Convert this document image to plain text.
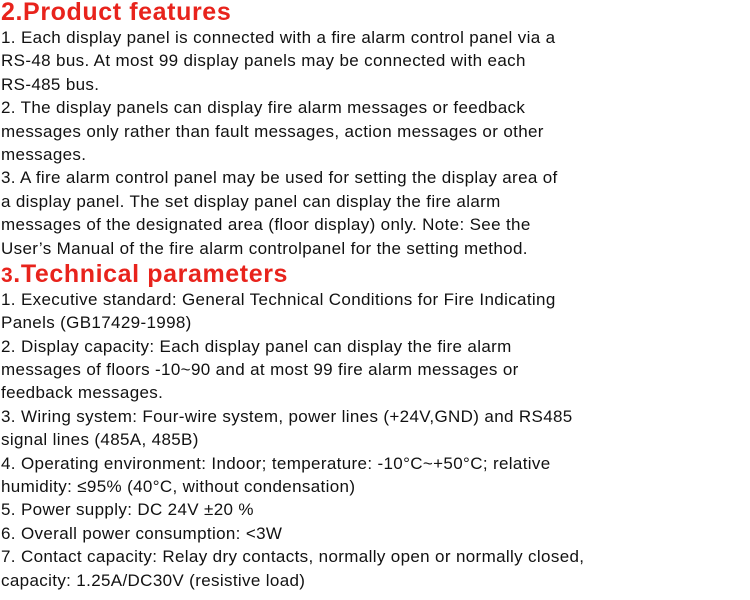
2.Product features

1. Each display panel is connected with a fire alarm control panel via a

RS-48 bus. At most 99 display panels may be connected with each

RS-485 bus.

2. The display panels can display fire alarm messages or feedback

messages only rather than fault messages, action messages or other

messages.

3. A fire alarm control panel may be used for setting the display area of

a display panel. The set display panel can display the fire alarm

messages of the designated area (floor display) only. Note: See the

User’s Manual of the fire alarm controlpanel for the setting method.

3.Technical parameters

1. Executive standard: General Technical Conditions for Fire Indicating

Panels (GB17429-1998)

2. Display capacity: Each display panel can display the fire alarm

messages of floors -10~90 and at most 99 fire alarm messages or

feedback messages.

3. Wiring system: Four-wire system, power lines (+24V,GND) and RS485

signal lines (485A, 485B)

4. Operating environment: Indoor; temperature: -10°C~+50°C; relative

humidity: ≤95% (40°C, without condensation)

5. Power supply: DC 24V ±20 %

6. Overall power consumption: <3W

7. Contact capacity: Relay dry contacts, normally open or normally closed,

capacity: 1.25A/DC30V (resistive load)
